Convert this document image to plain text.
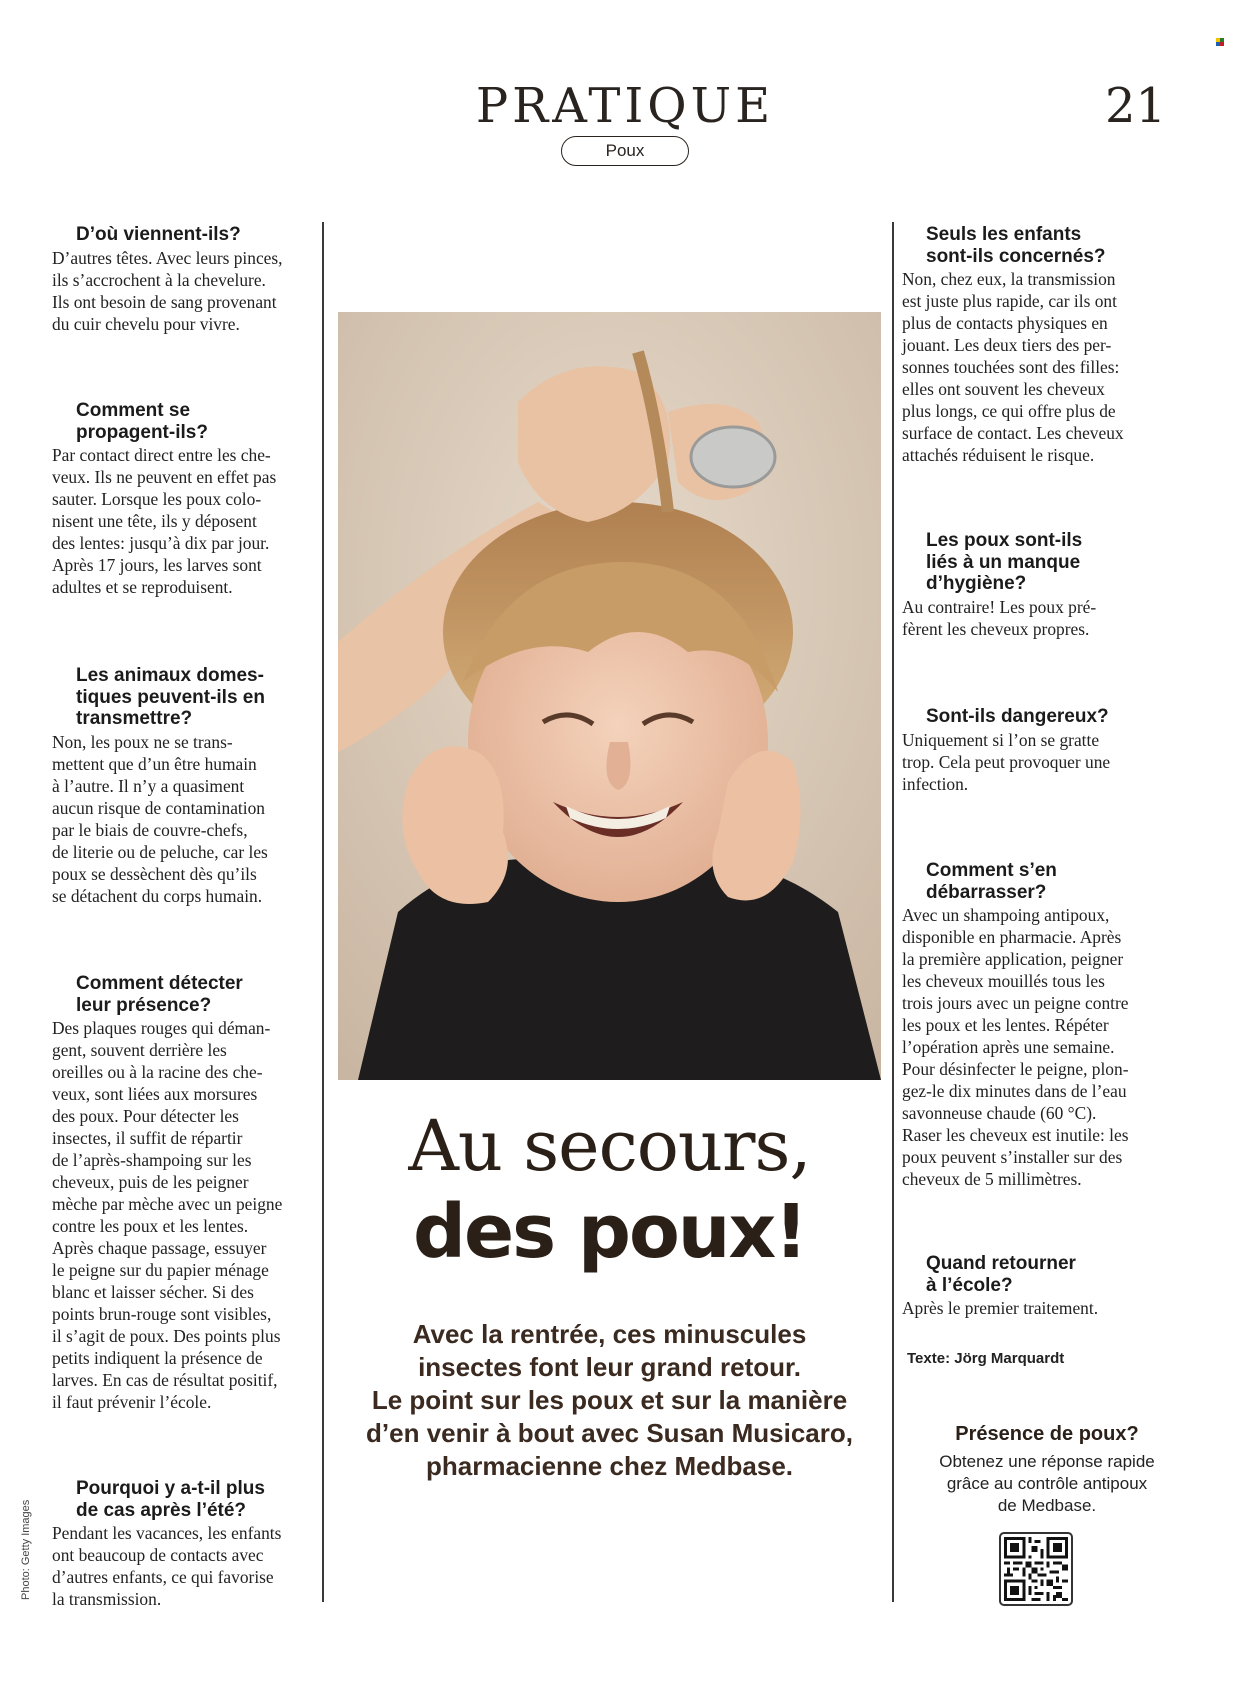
PRATIQUE	21
Poux

D’où viennent-ils?

D’autres têtes. Avec leurs pinces,
ils s’accrochent à la chevelure.
Ils ont besoin de sang provenant
du cuir chevelu pour vivre.

Comment se
propagent-ils?

Par contact direct entre les che-
veux. Ils ne peuvent en effet pas
sauter. Lorsque les poux colo-
nisent une tête, ils y déposent
des lentes: jusqu’à dix par jour.
Après 17 jours, les larves sont
adultes et se reproduisent.

Les animaux domes-
tiques peuvent-ils en
transmettre?

Non, les poux ne se trans-
mettent que d’un être humain
à l’autre. Il n’y a quasiment
aucun risque de contamination
par le biais de couvre-chefs,
de literie ou de peluche, car les
poux se dessèchent dès qu’ils
se détachent du corps humain.

Comment détecter
leur présence?

Des plaques rouges qui déman-
gent, souvent derrière les
oreilles ou à la racine des che-
veux, sont liées aux morsures
des poux. Pour détecter les
insectes, il suffit de répartir
de l’après-shampoing sur les
cheveux, puis de les peigner
mèche par mèche avec un peigne
contre les poux et les lentes.
Après chaque passage, essuyer
le peigne sur du papier ménage
blanc et laisser sécher. Si des
points brun-rouge sont visibles,
il s’agit de poux. Des points plus
petits indiquent la présence de
larves. En cas de résultat positif,
il faut prévenir l’école.

Pourquoi y a-t-il plus
de cas après l’été?

Pendant les vacances, les enfants
ont beaucoup de contacts avec
d’autres enfants, ce qui favorise
la transmission.

Au secours,
des poux!
Avec la rentrée, ces minuscules
insectes font leur grand retour.
Le point sur les poux et sur la manière
d’en venir à bout avec Susan Musicaro,
pharmacienne chez Medbase.

Seuls les enfants
sont-ils concernés?

Non, chez eux, la transmission
est juste plus rapide, car ils ont
plus de contacts physiques en
jouant. Les deux tiers des per-
sonnes touchées sont des filles:
elles ont souvent les cheveux
plus longs, ce qui offre plus de
surface de contact. Les cheveux
attachés réduisent le risque.

Les poux sont-ils
liés à un manque
d’hygiène?

Au contraire! Les poux pré-
fèrent les cheveux propres.

Sont-ils dangereux?

Uniquement si l’on se gratte
trop. Cela peut provoquer une
infection.

Comment s’en
débarrasser?

Avec un shampoing antipoux,
disponible en pharmacie. Après
la première application, peigner
les cheveux mouillés tous les
trois jours avec un peigne contre
les poux et les lentes. Répéter
l’opération après une semaine.
Pour désinfecter le peigne, plon-
gez-le dix minutes dans de l’eau
savonneuse chaude (60 °C).
Raser les cheveux est inutile: les
poux peuvent s’installer sur des
cheveux de 5 millimètres.

Quand retourner
à l’école?

Après le premier traitement.

Texte: Jörg Marquardt
Présence de poux?
Obtenez une réponse rapide
grâce au contrôle antipoux
de Medbase.
Photo: Getty Images
